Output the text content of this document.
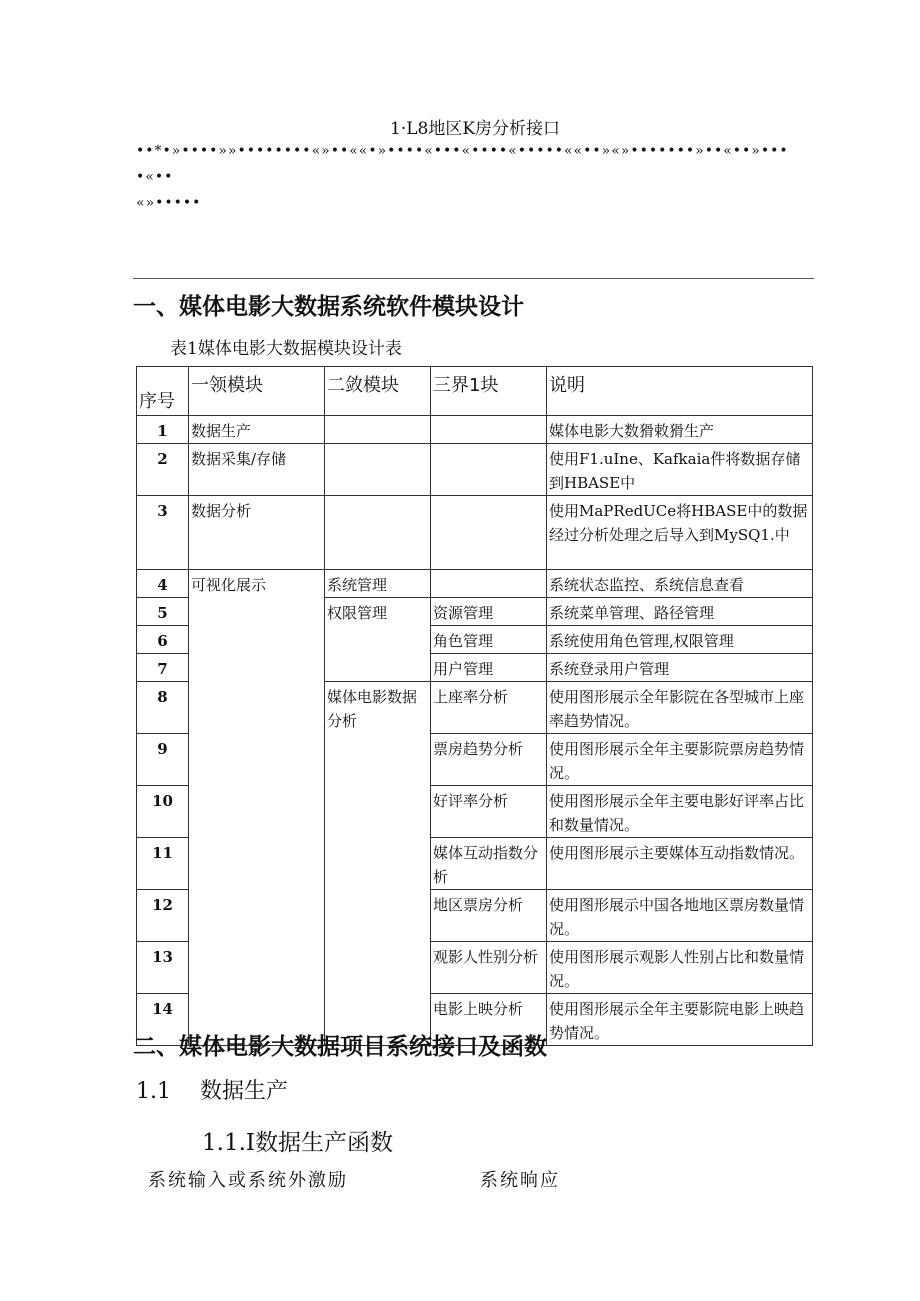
1·L8地区K房分析接口
••*•»••••»»••••••••«»••««•»••••«•••«••••«•••••««••»«»•••••••»••«••»••••«••
«»•••••
一、媒体电影大数据系统软件模块设计
表1媒体电影大数据模块设计表
序号	一领模块	二敛模块	三界1块	说明
1	数据生产			媒体电影大数猾敕猾生产
2	数据采集/存储			使用F1.uIne、Kafkaia件将数据存储到HBASE中
3	数据分析			使用MaPRedUCe将HBASE中的数据经过分析处理之后导入到MySQ1.中
4	可视化展示	系统管理		系统状态监控、系统信息查看
5		权限管理	资源管理	系统菜单管理、路径管理
6			角色管理	系统使用角色管理,权限管理
7			用户管理	系统登录用户管理
8		媒体电影数据分析	上座率分析	使用图形展示全年影院在各型城市上座率趋势情况。
9			票房趋势分析	使用图形展示全年主要影院票房趋势情况。
10			好评率分析	使用图形展示全年主要电影好评率占比和数量情况。
11			媒体互动指数分析	使用图形展示主要媒体互动指数情况。
12			地区票房分析	使用图形展示中国各地地区票房数量情况。
13			观影人性别分析	使用图形展示观影人性别占比和数量情况。
14			电影上映分析	使用图形展示全年主要影院电影上映趋势情况。
二、媒体电影大数据项目系统接口及函数
1.1 数据生产
1.1.I数据生产函数
系统输入或系统外激励	系统晌应
